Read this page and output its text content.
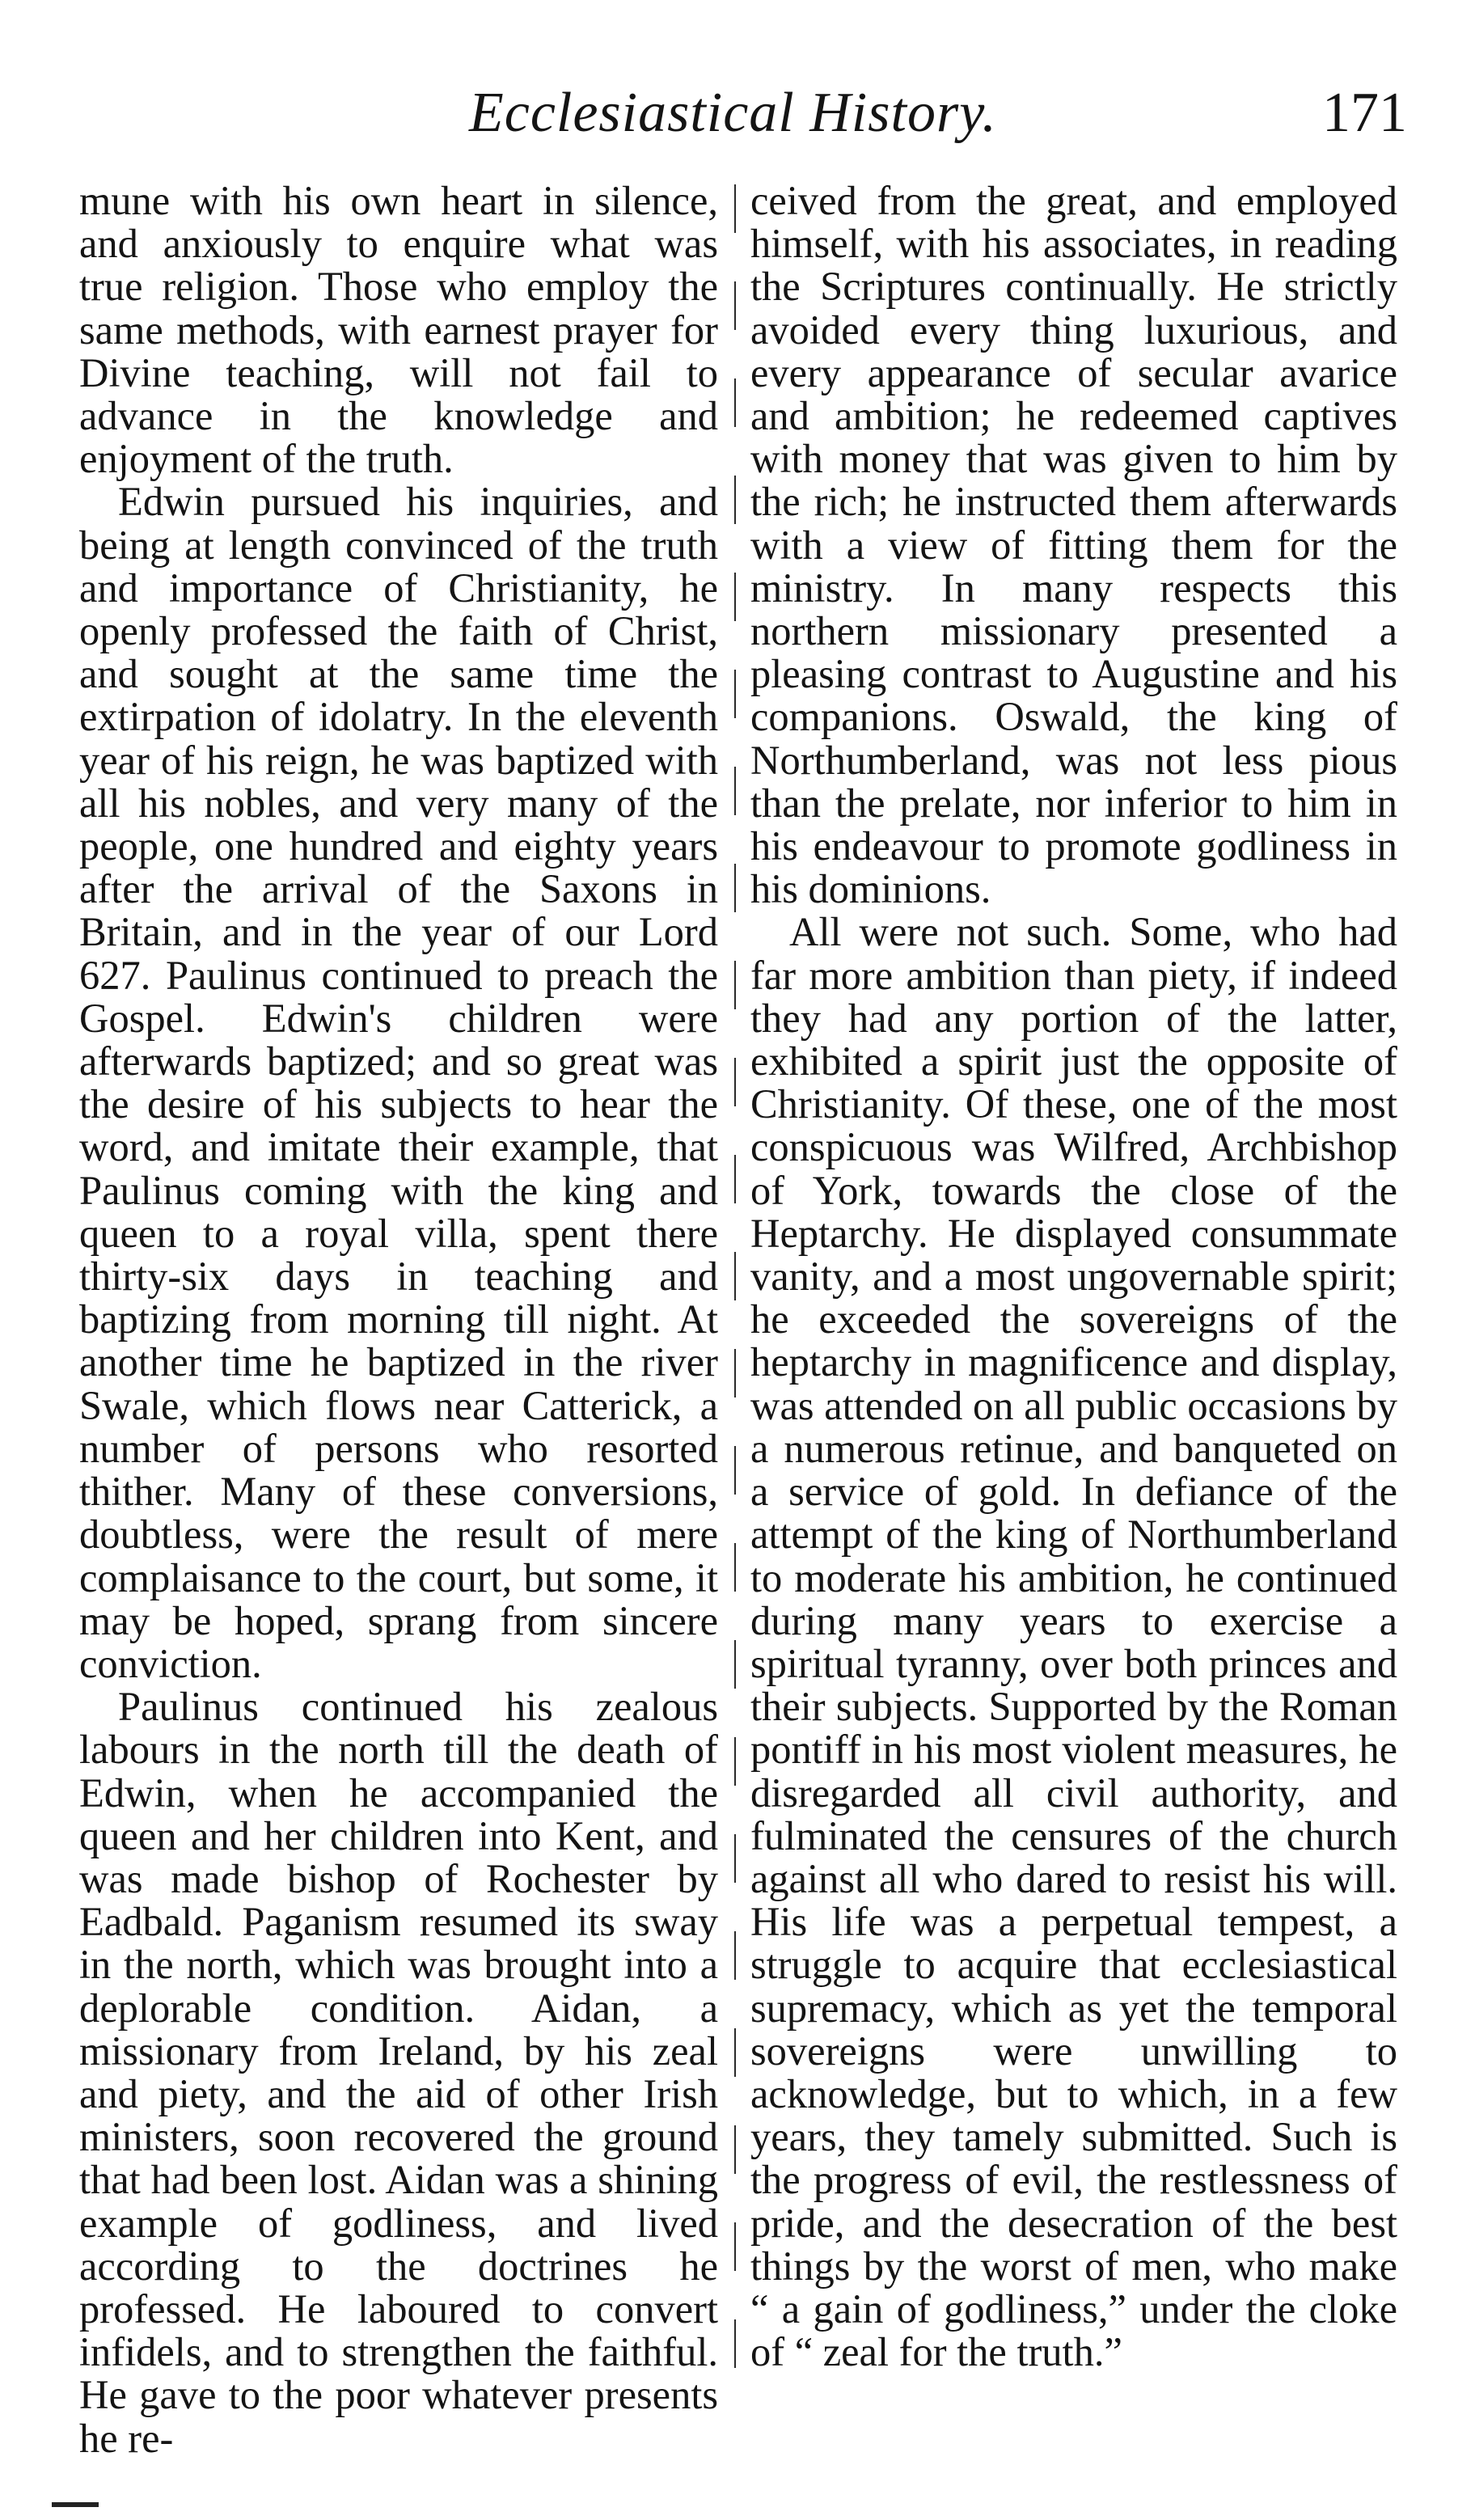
Ecclesiastical History.	171

mune with his own heart in silence, and anxiously to enquire what was true religion. Those who employ the same methods, with earnest prayer for Divine teaching, will not fail to advance in the knowledge and enjoyment of the truth.

Edwin pursued his inquiries, and being at length convinced of the truth and importance of Christianity, he openly professed the faith of Christ, and sought at the same time the extirpation of idolatry. In the eleventh year of his reign, he was baptized with all his nobles, and very many of the people, one hundred and eighty years after the arrival of the Saxons in Britain, and in the year of our Lord 627. Paulinus continued to preach the Gospel. Edwin's children were afterwards baptized; and so great was the desire of his subjects to hear the word, and imitate their example, that Paulinus coming with the king and queen to a royal villa, spent there thirty-six days in teaching and baptizing from morning till night. At another time he baptized in the river Swale, which flows near Catterick, a number of persons who resorted thither. Many of these conversions, doubtless, were the result of mere complaisance to the court, but some, it may be hoped, sprang from sincere conviction.

Paulinus continued his zealous labours in the north till the death of Edwin, when he accompanied the queen and her children into Kent, and was made bishop of Rochester by Eadbald. Paganism resumed its sway in the north, which was brought into a deplorable condition. Aidan, a missionary from Ireland, by his zeal and piety, and the aid of other Irish ministers, soon recovered the ground that had been lost. Aidan was a shining example of godliness, and lived according to the doctrines he professed. He laboured to convert infidels, and to strengthen the faithful. He gave to the poor whatever presents he re-

ceived from the great, and employed himself, with his associates, in reading the Scriptures continually. He strictly avoided every thing luxurious, and every appearance of secular avarice and ambition; he redeemed captives with money that was given to him by the rich; he instructed them afterwards with a view of fitting them for the ministry. In many respects this northern missionary presented a pleasing contrast to Augustine and his companions. Oswald, the king of Northumberland, was not less pious than the prelate, nor inferior to him in his endeavour to promote godliness in his dominions.

All were not such. Some, who had far more ambition than piety, if indeed they had any portion of the latter, exhibited a spirit just the opposite of Christianity. Of these, one of the most conspicuous was Wilfred, Archbishop of York, towards the close of the Heptarchy. He displayed consummate vanity, and a most ungovernable spirit; he exceeded the sovereigns of the heptarchy in magnificence and display, was attended on all public occasions by a numerous retinue, and banqueted on a service of gold. In defiance of the attempt of the king of Northumberland to moderate his ambition, he continued during many years to exercise a spiritual tyranny, over both princes and their subjects. Supported by the Roman pontiff in his most violent measures, he disregarded all civil authority, and fulminated the censures of the church against all who dared to resist his will. His life was a perpetual tempest, a struggle to acquire that ecclesiastical supremacy, which as yet the temporal sovereigns were unwilling to acknowledge, but to which, in a few years, they tamely submitted. Such is the progress of evil, the restlessness of pride, and the desecration of the best things by the worst of men, who make “ a gain of godliness,” under the cloke of “ zeal for the truth.”
